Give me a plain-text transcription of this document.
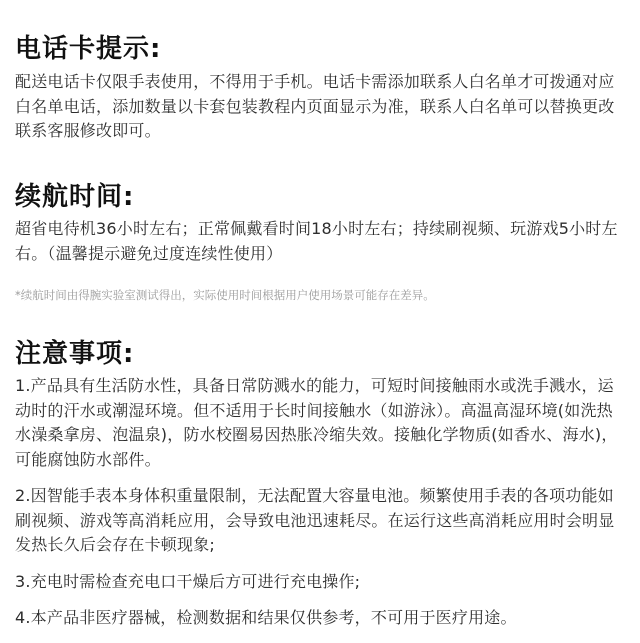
电话卡提示:

配送电话卡仅限手表使用，不得用于手机。电话卡需添加联系人白名单才可拨通对应白名单电话，添加数量以卡套包装教程内页面显示为准，联系人白名单可以替换更改联系客服修改即可。

续航时间:

超省电待机36小时左右；正常佩戴看时间18小时左右；持续刷视频、玩游戏5小时左右。（温馨提示避免过度连续性使用）

*续航时间由得腕实验室测试得出，实际使用时间根据用户使用场景可能存在差异。

注意事项:

1.产品具有生活防水性，具备日常防溅水的能力，可短时间接触雨水或洗手溅水，运动时的汗水或潮湿环境。但不适用于长时间接触水（如游泳）。高温高湿环境(如洗热水澡桑拿房、泡温泉)，防水校圈易因热胀冷缩失效。接触化学物质(如香水、海水)，可能腐蚀防水部件。

2.因智能手表本身体积重量限制，无法配置大容量电池。频繁使用手表的各项功能如刷视频、游戏等高消耗应用，会导致电池迅速耗尽。在运行这些高消耗应用时会明显发热长久后会存在卡顿现象;

3.充电时需检查充电口干燥后方可进行充电操作;

4.本产品非医疗器械，检测数据和结果仅供参考，不可用于医疗用途。
